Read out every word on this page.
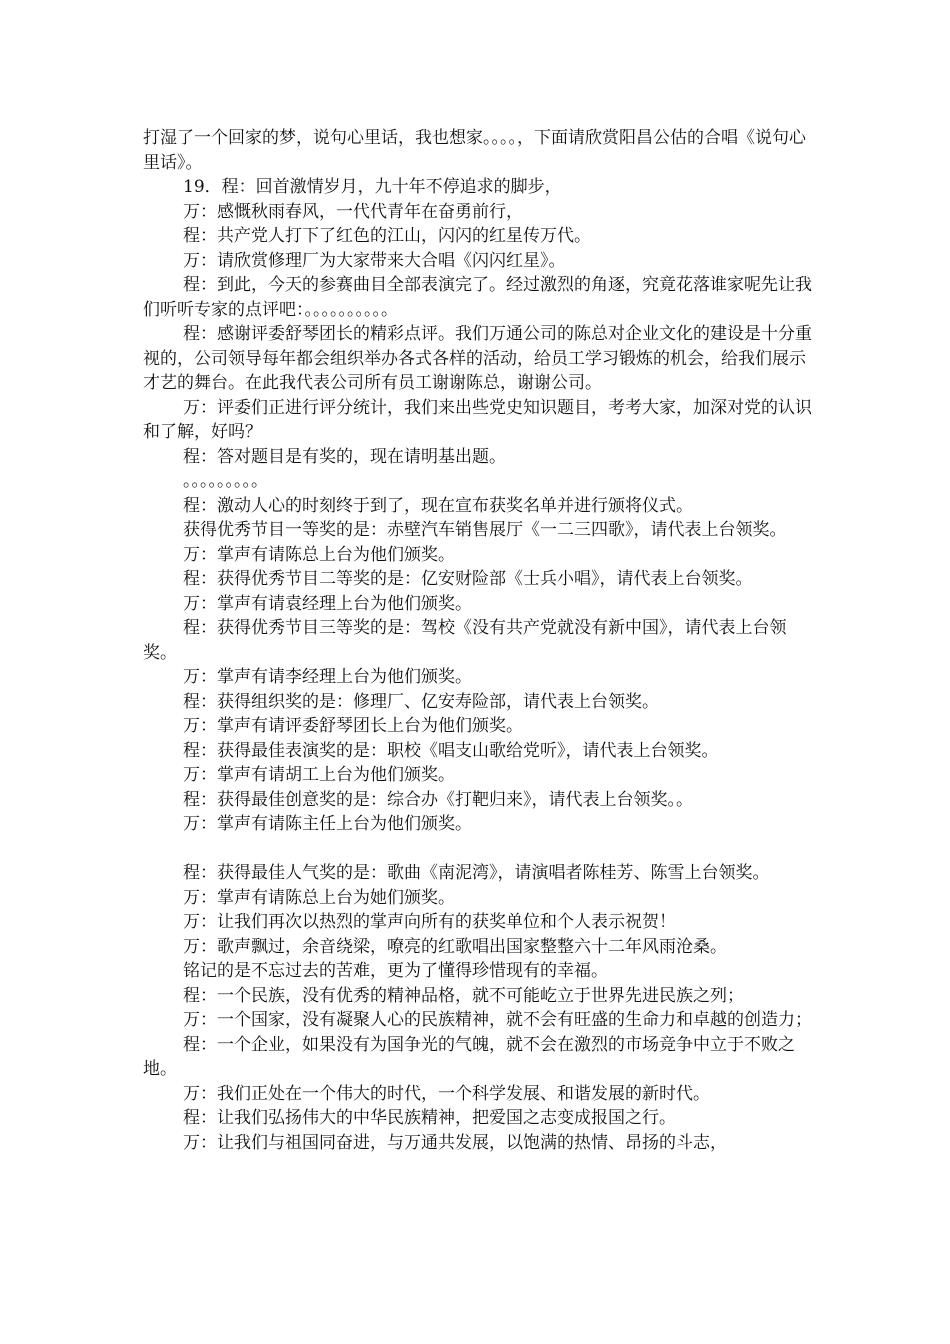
打湿了一个回家的梦，说句心里话，我也想家。。。。，下面请欣赏阳昌公估的合唱《说句心里话》。

19．程：回首激情岁月，九十年不停追求的脚步，

万：感慨秋雨春风，一代代青年在奋勇前行，

程：共产党人打下了红色的江山，闪闪的红星传万代。

万：请欣赏修理厂为大家带来大合唱《闪闪红星》。

程：到此，今天的参赛曲目全部表演完了。经过激烈的角逐，究竟花落谁家呢先让我们听听专家的点评吧：。。。。。。。。。。

程：感谢评委舒琴团长的精彩点评。我们万通公司的陈总对企业文化的建设是十分重视的，公司领导每年都会组织举办各式各样的活动，给员工学习锻炼的机会，给我们展示才艺的舞台。在此我代表公司所有员工谢谢陈总，谢谢公司。

万：评委们正进行评分统计，我们来出些党史知识题目，考考大家，加深对党的认识和了解，好吗？

程：答对题目是有奖的，现在请明基出题。

。。。。。。。。。

程：激动人心的时刻终于到了，现在宣布获奖名单并进行颁将仪式。

获得优秀节目一等奖的是：赤壁汽车销售展厅《一二三四歌》，请代表上台领奖。

万：掌声有请陈总上台为他们颁奖。

程：获得优秀节目二等奖的是：亿安财险部《士兵小唱》，请代表上台领奖。

万：掌声有请袁经理上台为他们颁奖。

程：获得优秀节目三等奖的是：驾校《没有共产党就没有新中国》，请代表上台领奖。

万：掌声有请李经理上台为他们颁奖。

程：获得组织奖的是：修理厂、亿安寿险部，请代表上台领奖。

万：掌声有请评委舒琴团长上台为他们颁奖。

程：获得最佳表演奖的是：职校《唱支山歌给党听》，请代表上台领奖。

万：掌声有请胡工上台为他们颁奖。

程：获得最佳创意奖的是：综合办《打靶归来》，请代表上台领奖。。

万：掌声有请陈主任上台为他们颁奖。

程：获得最佳人气奖的是：歌曲《南泥湾》，请演唱者陈桂芳、陈雪上台领奖。

万：掌声有请陈总上台为她们颁奖。

万：让我们再次以热烈的掌声向所有的获奖单位和个人表示祝贺！

万：歌声飘过，余音绕梁，嘹亮的红歌唱出国家整整六十二年风雨沧桑。

铭记的是不忘过去的苦难，更为了懂得珍惜现有的幸福。

程：一个民族，没有优秀的精神品格，就不可能屹立于世界先进民族之列；

万：一个国家，没有凝聚人心的民族精神，就不会有旺盛的生命力和卓越的创造力；

程：一个企业，如果没有为国争光的气魄，就不会在激烈的市场竞争中立于不败之地。

万：我们正处在一个伟大的时代，一个科学发展、和谐发展的新时代。

程：让我们弘扬伟大的中华民族精神，把爱国之志变成报国之行。

万：让我们与祖国同奋进，与万通共发展，以饱满的热情、昂扬的斗志，
